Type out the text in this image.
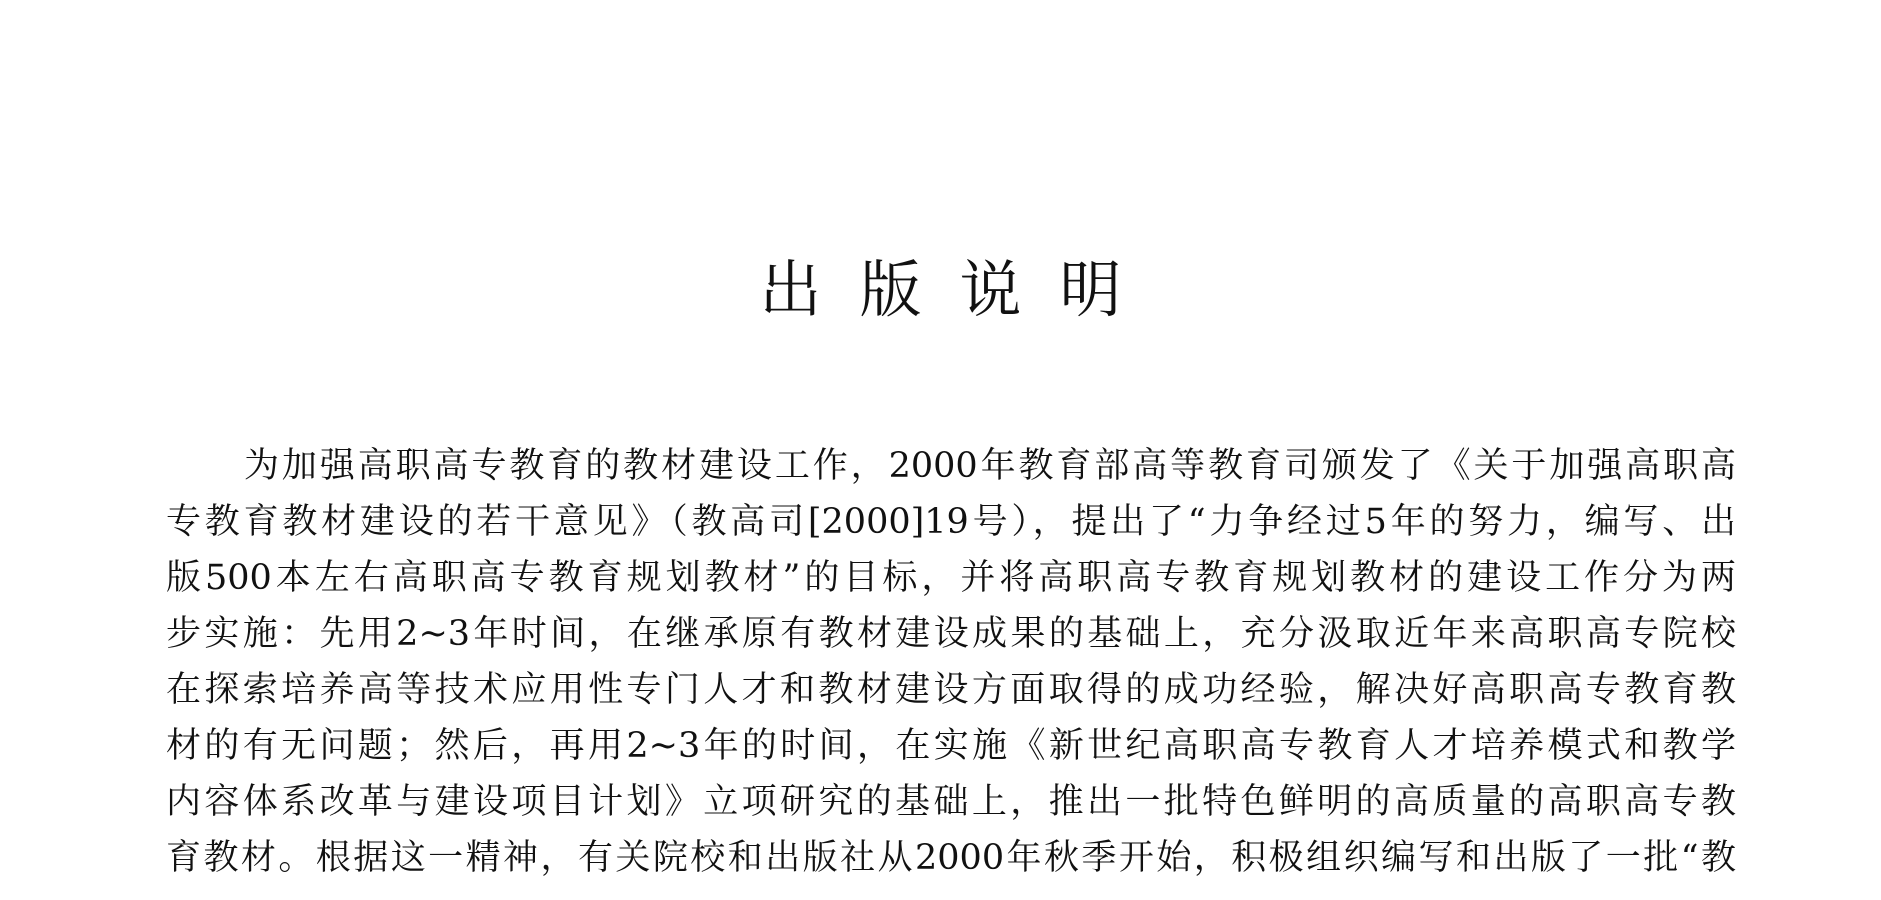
出版说明
为加强高职高专教育的教材建设工作，2000年教育部高等教育司颁发了《关于加强高职高
专教育教材建设的若干意见》（教高司[2000]19号），提出了“力争经过5年的努力，编写、出
版500本左右高职高专教育规划教材”的目标，并将高职高专教育规划教材的建设工作分为两
步实施：先用2~3年时间，在继承原有教材建设成果的基础上，充分汲取近年来高职高专院校
在探索培养高等技术应用性专门人才和教材建设方面取得的成功经验，解决好高职高专教育教
材的有无问题；然后，再用2~3年的时间，在实施《新世纪高职高专教育人才培养模式和教学
内容体系改革与建设项目计划》立项研究的基础上，推出一批特色鲜明的高质量的高职高专教
育教材。根据这一精神，有关院校和出版社从2000年秋季开始，积极组织编写和出版了一批“教
